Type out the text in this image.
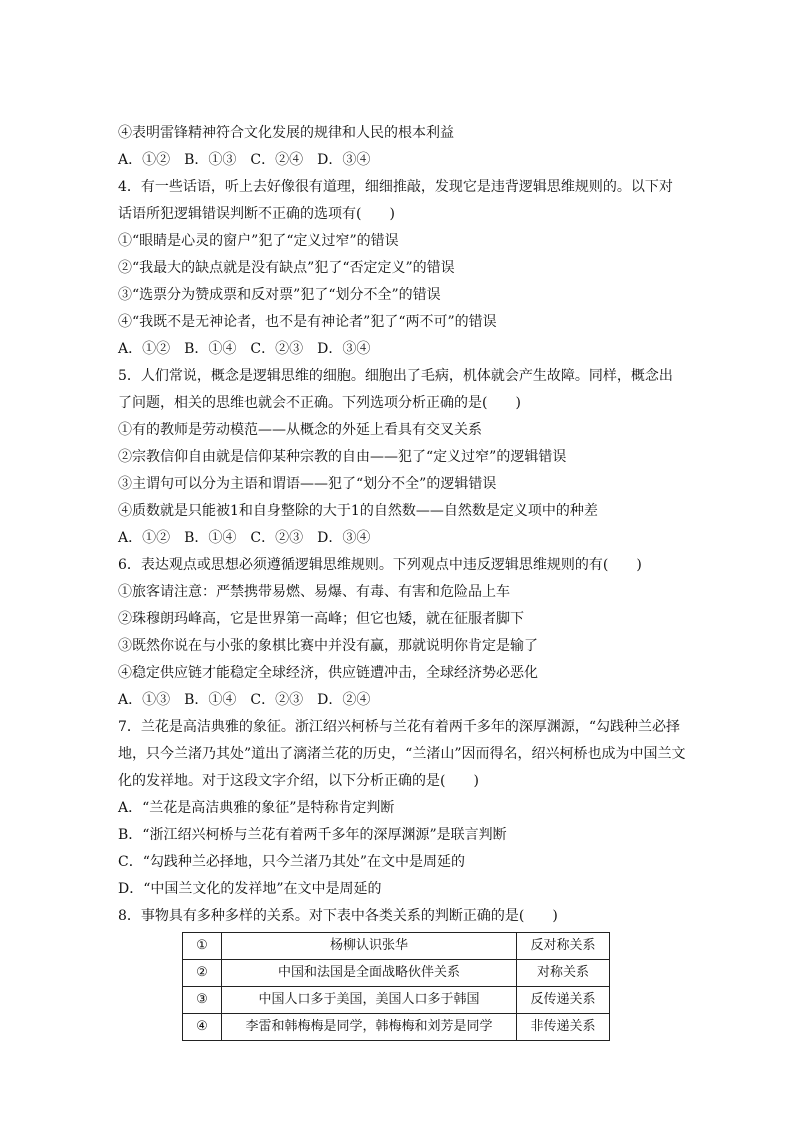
④表明雷锋精神符合文化发展的规律和人民的根本利益
A．①②　B．①③　C．②④　D．③④
4．有一些话语，听上去好像很有道理，细细推敲，发现它是违背逻辑思维规则的。以下对话语所犯逻辑错误判断不正确的选项有(　　)
①“眼睛是心灵的窗户”犯了“定义过窄”的错误
②“我最大的缺点就是没有缺点”犯了“否定定义”的错误
③“选票分为赞成票和反对票”犯了“划分不全”的错误
④“我既不是无神论者，也不是有神论者”犯了“两不可”的错误
A．①②　B．①④　C．②③　D．③④
5．人们常说，概念是逻辑思维的细胞。细胞出了毛病，机体就会产生故障。同样，概念出了问题，相关的思维也就会不正确。下列选项分析正确的是(　　)
①有的教师是劳动模范——从概念的外延上看具有交叉关系
②宗教信仰自由就是信仰某种宗教的自由——犯了“定义过窄”的逻辑错误
③主谓句可以分为主语和谓语——犯了“划分不全”的逻辑错误
④质数就是只能被1和自身整除的大于1的自然数——自然数是定义项中的种差
A．①②　B．①④　C．②③　D．③④
6．表达观点或思想必须遵循逻辑思维规则。下列观点中违反逻辑思维规则的有(　　)
①旅客请注意：严禁携带易燃、易爆、有毒、有害和危险品上车
②珠穆朗玛峰高，它是世界第一高峰；但它也矮，就在征服者脚下
③既然你说在与小张的象棋比赛中并没有赢，那就说明你肯定是输了
④稳定供应链才能稳定全球经济，供应链遭冲击，全球经济势必恶化
A．①③　B．①④　C．②③　D．②④
7．兰花是高洁典雅的象征。浙江绍兴柯桥与兰花有着两千多年的深厚渊源，“勾践种兰必择地，只今兰渚乃其处”道出了漓渚兰花的历史，“兰渚山”因而得名，绍兴柯桥也成为中国兰文化的发祥地。对于这段文字介绍，以下分析正确的是(　　)
A．“兰花是高洁典雅的象征”是特称肯定判断
B．“浙江绍兴柯桥与兰花有着两千多年的深厚渊源”是联言判断
C．“勾践种兰必择地，只今兰渚乃其处”在文中是周延的
D．“中国兰文化的发祥地”在文中是周延的
8．事物具有多种多样的关系。对下表中各类关系的判断正确的是(　　)
①	杨柳认识张华	反对称关系
②	中国和法国是全面战略伙伴关系	对称关系
③	中国人口多于美国，美国人口多于韩国	反传递关系
④	李雷和韩梅梅是同学，韩梅梅和刘芳是同学	非传递关系
